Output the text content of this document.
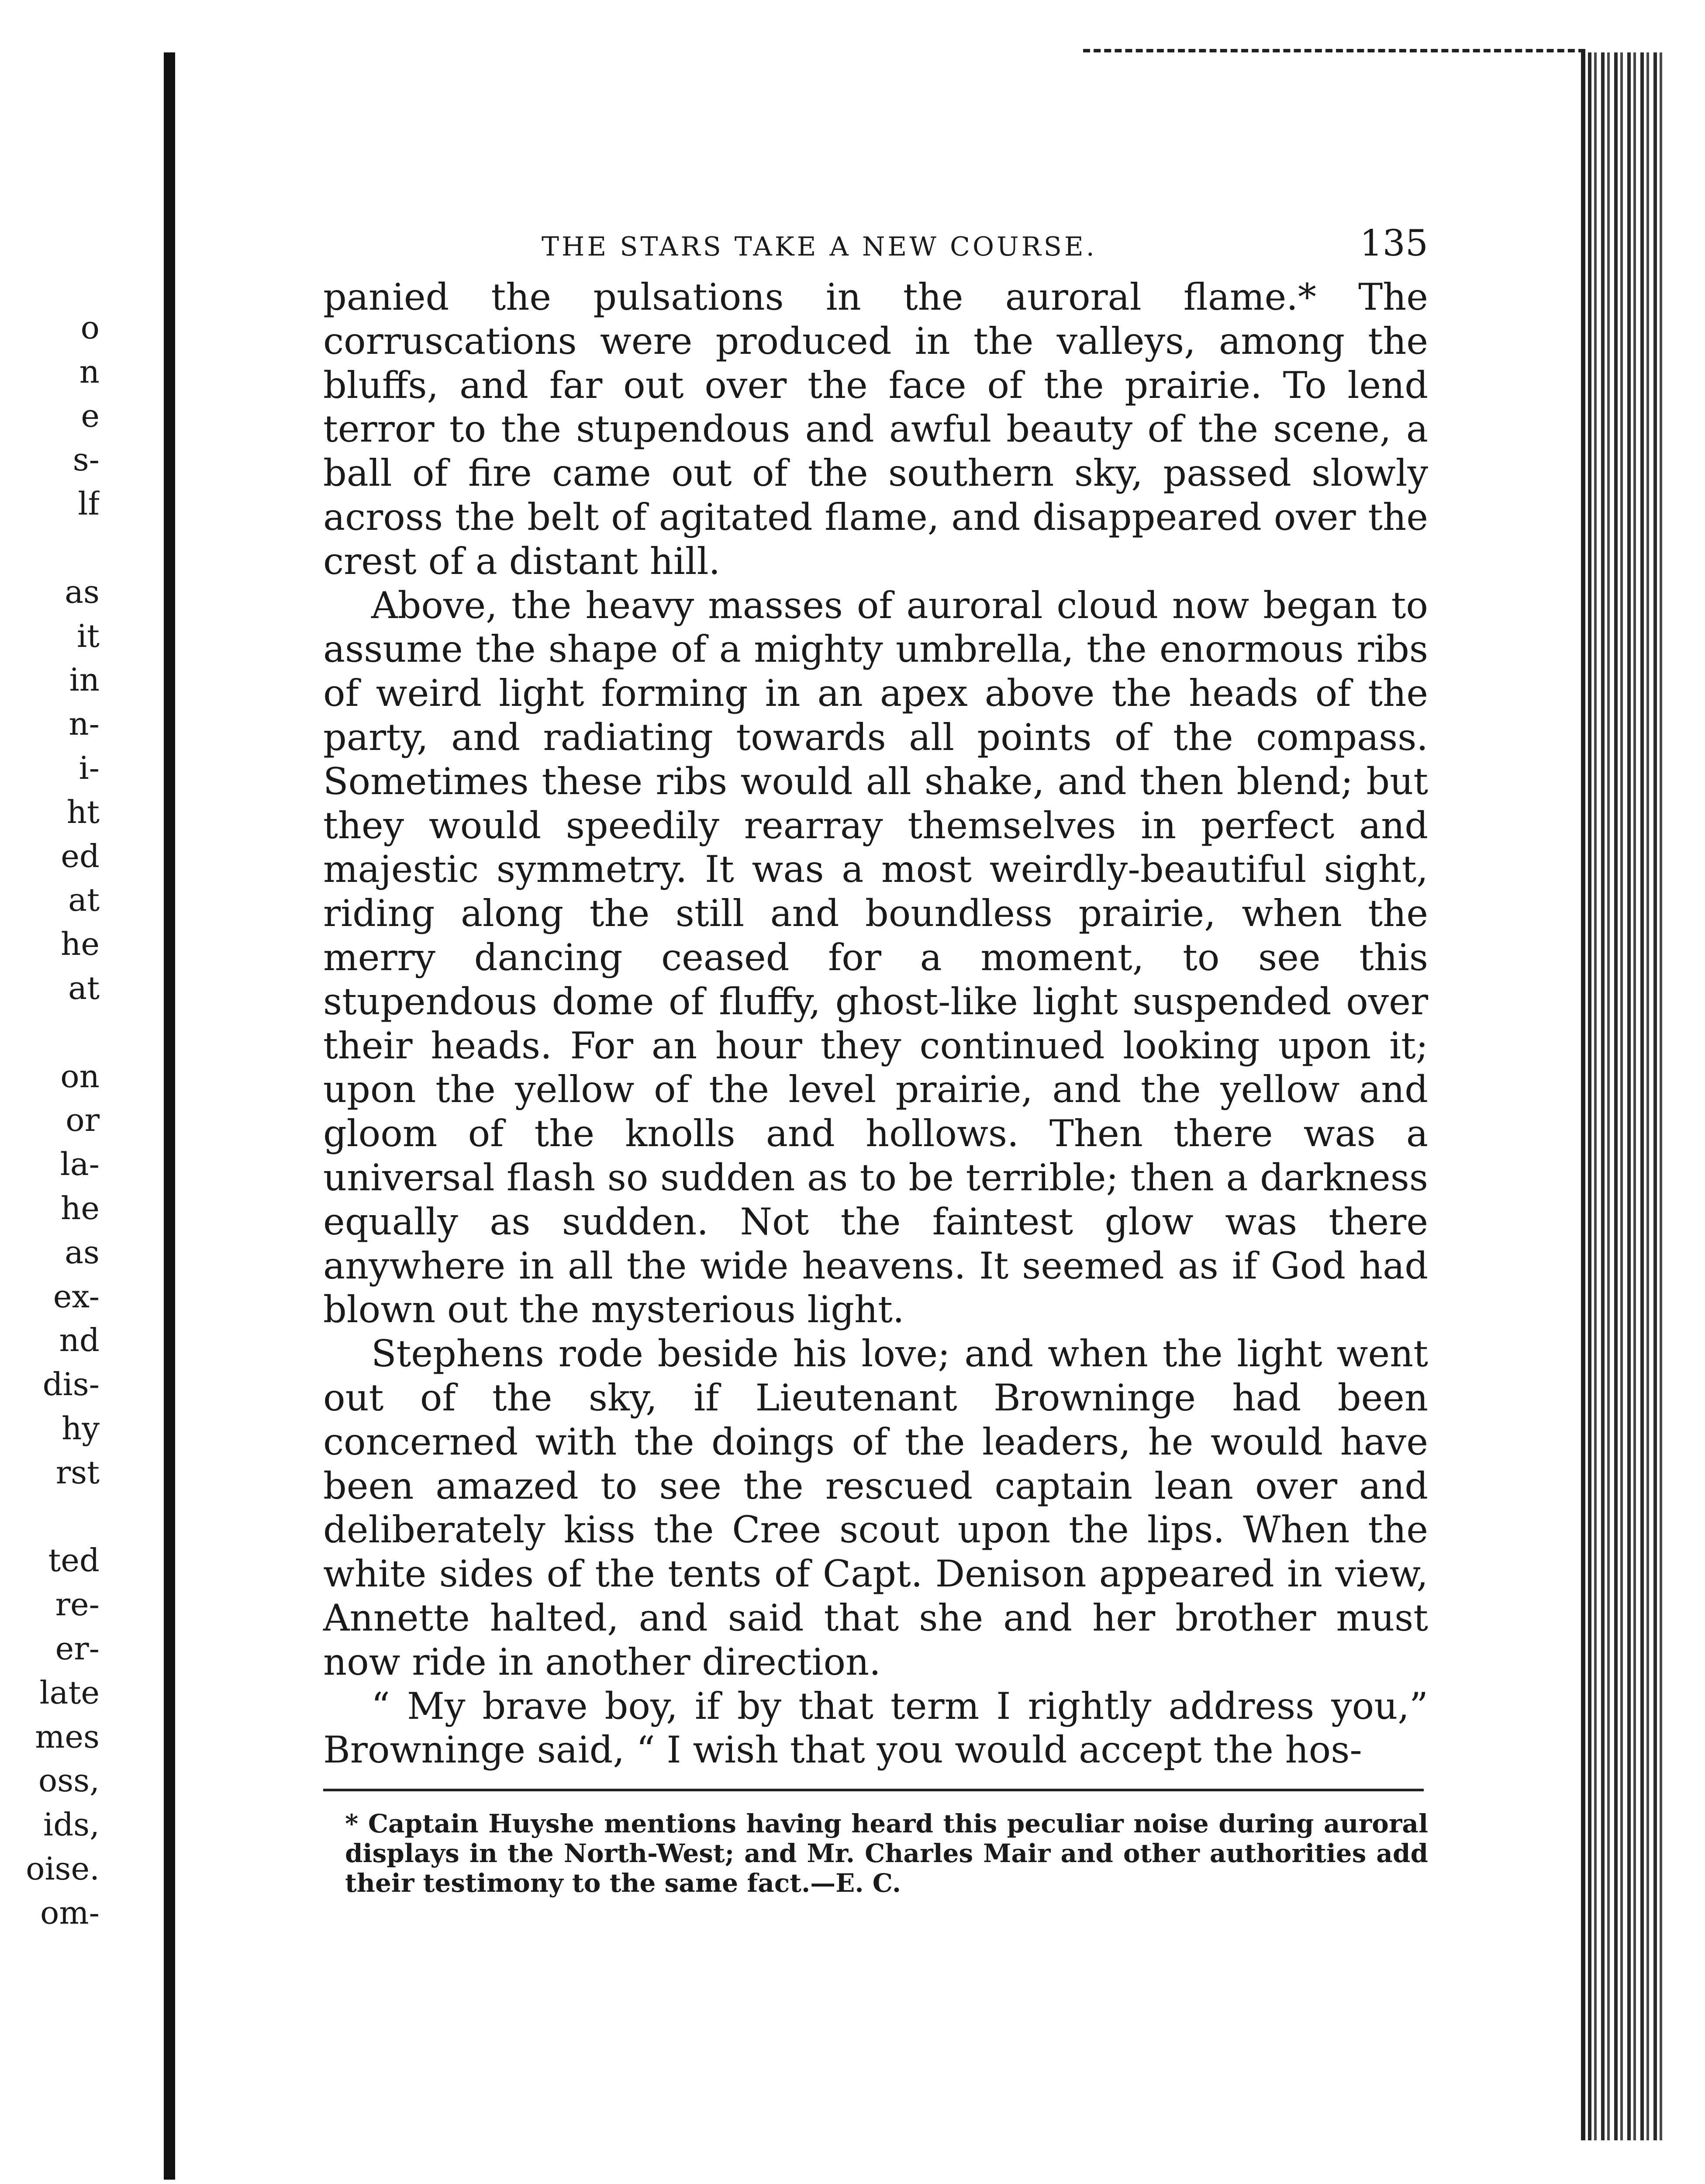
o
n
e
s-
lf
as
it
in
n-
i-
ht
ed
at
he
at
on
or
la-
he
as
ex-
nd
dis-
hy
rst
ted
re-
er-
late
mes
oss,
ids,
oise.
om-
THE STARS TAKE A NEW COURSE.	135

panied the pulsations in the auroral flame.* The corruscations were produced in the valleys, among the bluffs, and far out over the face of the prairie. To lend terror to the stupendous and awful beauty of the scene, a ball of fire came out of the southern sky, passed slowly across the belt of agitated flame, and disappeared over the crest of a distant hill.

Above, the heavy masses of auroral cloud now began to assume the shape of a mighty umbrella, the enormous ribs of weird light forming in an apex above the heads of the party, and radiating towards all points of the compass. Sometimes these ribs would all shake, and then blend; but they would speedily rearray themselves in perfect and majestic symmetry. It was a most weirdly-beautiful sight, riding along the still and boundless prairie, when the merry dancing ceased for a moment, to see this stupendous dome of fluffy, ghost-like light suspended over their heads. For an hour they continued looking upon it; upon the yellow of the level prairie, and the yellow and gloom of the knolls and hollows. Then there was a universal flash so sudden as to be terrible; then a darkness equally as sudden. Not the faintest glow was there anywhere in all the wide heavens. It seemed as if God had blown out the mysterious light.

Stephens rode beside his love; and when the light went out of the sky, if Lieutenant Browninge had been concerned with the doings of the leaders, he would have been amazed to see the rescued captain lean over and deliberately kiss the Cree scout upon the lips. When the white sides of the tents of Capt. Denison appeared in view, Annette halted, and said that she and her brother must now ride in another direction.

“ My brave boy, if by that term I rightly address you,” Browninge said, “ I wish that you would accept the hos-

* Captain Huyshe mentions having heard this peculiar noise during auroral displays in the North-West; and Mr. Charles Mair and other authorities add their testimony to the same fact.—E. C.
